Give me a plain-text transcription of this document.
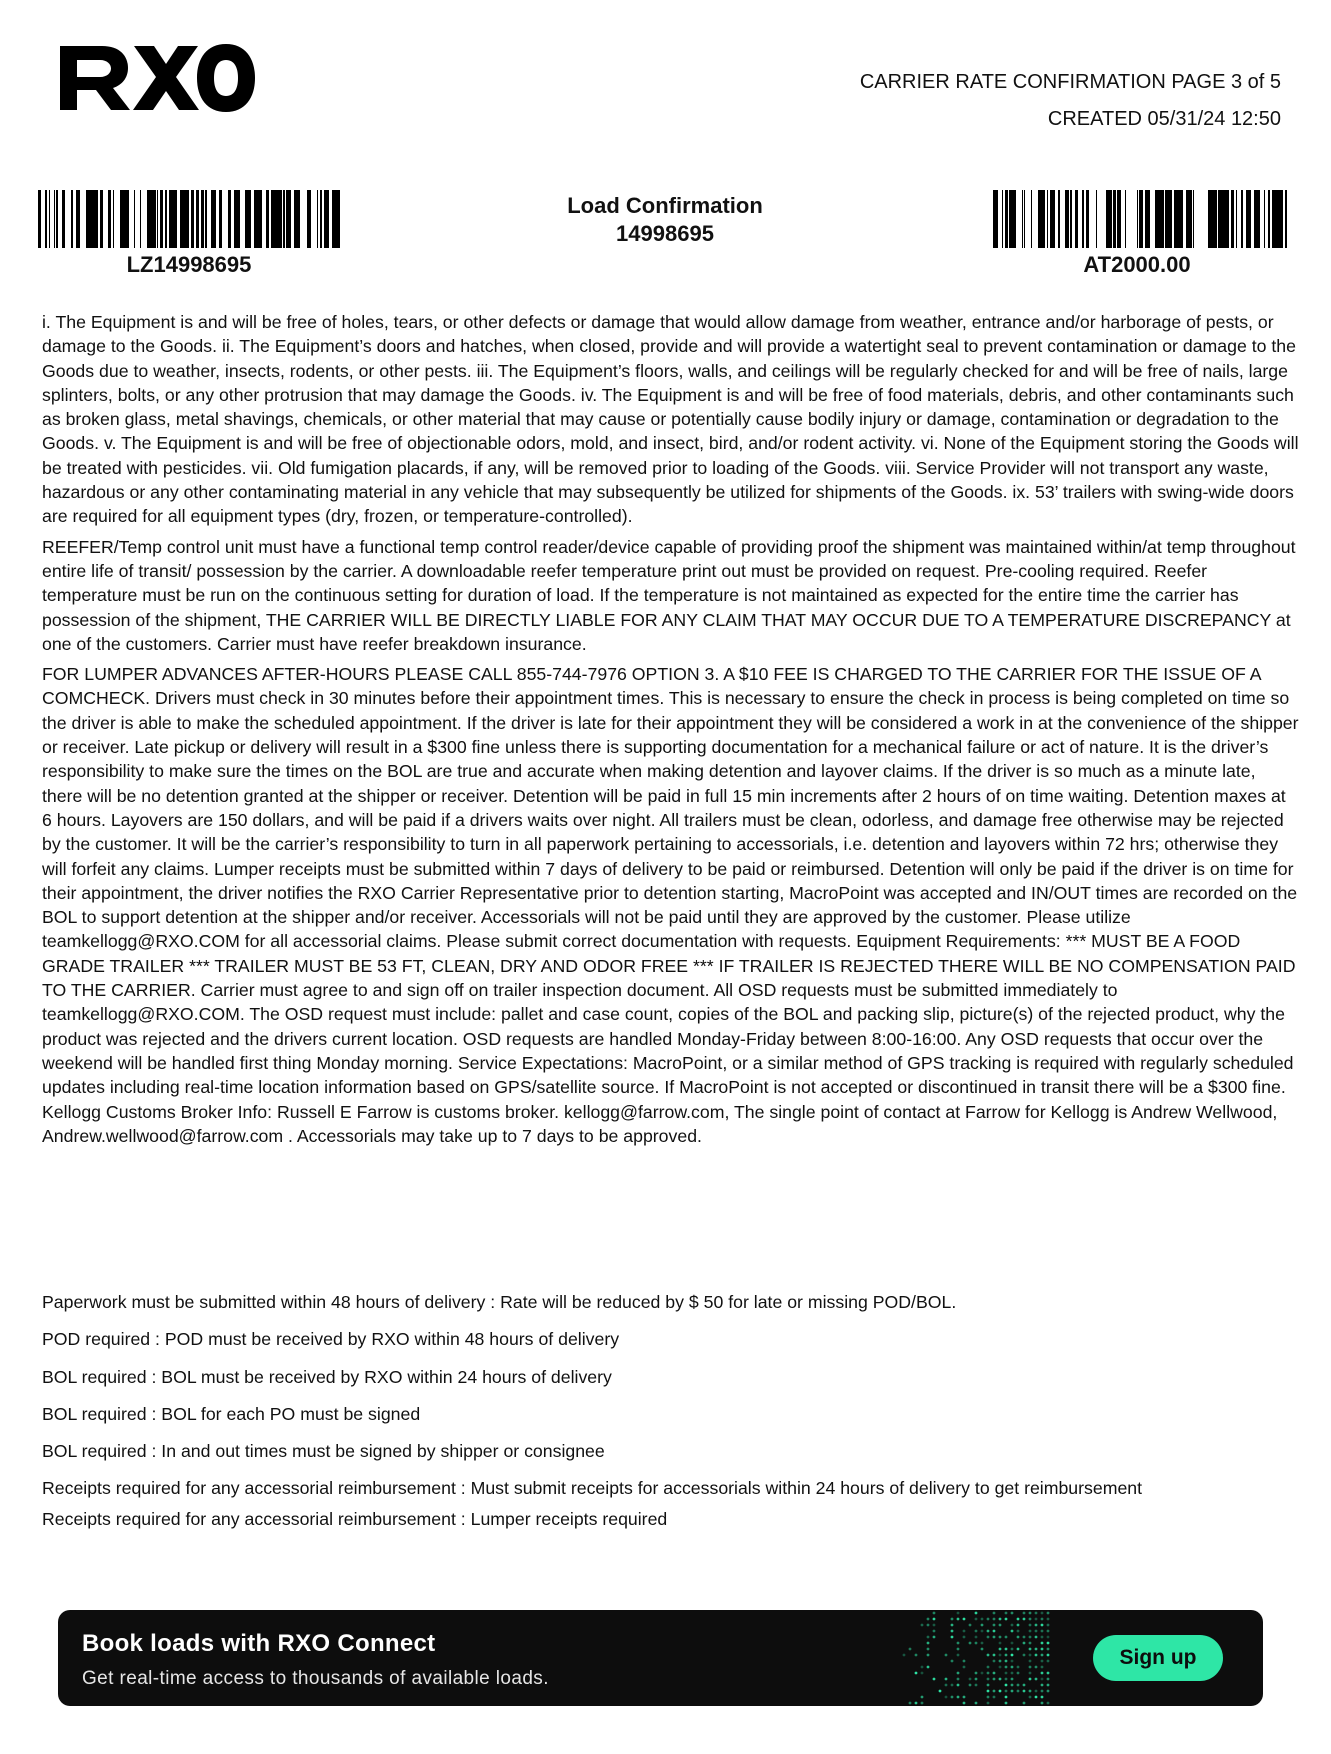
CARRIER RATE CONFIRMATION PAGE 3 of 5
CREATED 05/31/24 12:50
LZ14998695
Load Confirmation
14998695
AT2000.00

i. The Equipment is and will be free of holes, tears, or other defects or damage that would allow damage from weather, entrance and/or harborage of pests, or damage to the Goods. ii. The Equipment’s doors and hatches, when closed, provide and will provide a watertight seal to prevent contamination or damage to the Goods due to weather, insects, rodents, or other pests. iii. The Equipment’s floors, walls, and ceilings will be regularly checked for and will be free of nails, large splinters, bolts, or any other protrusion that may damage the Goods. iv. The Equipment is and will be free of food materials, debris, and other contaminants such as broken glass, metal shavings, chemicals, or other material that may cause or potentially cause bodily injury or damage, contamination or degradation to the Goods. v. The Equipment is and will be free of objectionable odors, mold, and insect, bird, and/or rodent activity. vi. None of the Equipment storing the Goods will be treated with pesticides. vii. Old fumigation placards, if any, will be removed prior to loading of the Goods. viii. Service Provider will not transport any waste, hazardous or any other contaminating material in any vehicle that may subsequently be utilized for shipments of the Goods. ix. 53’ trailers with swing-wide doors are required for all equipment types (dry, frozen, or temperature-controlled).

REEFER/Temp control unit must have a functional temp control reader/device capable of providing proof the shipment was maintained within/at temp throughout entire life of transit/ possession by the carrier. A downloadable reefer temperature print out must be provided on request. Pre-cooling required. Reefer temperature must be run on the continuous setting for duration of load. If the temperature is not maintained as expected for the entire time the carrier has possession of the shipment, THE CARRIER WILL BE DIRECTLY LIABLE FOR ANY CLAIM THAT MAY OCCUR DUE TO A TEMPERATURE DISCREPANCY at one of the customers. Carrier must have reefer breakdown insurance.

FOR LUMPER ADVANCES AFTER-HOURS PLEASE CALL 855-744-7976 OPTION 3. A $10 FEE IS CHARGED TO THE CARRIER FOR THE ISSUE OF A COMCHECK. Drivers must check in 30 minutes before their appointment times. This is necessary to ensure the check in process is being completed on time so the driver is able to make the scheduled appointment. If the driver is late for their appointment they will be considered a work in at the convenience of the shipper or receiver. Late pickup or delivery will result in a $300 fine unless there is supporting documentation for a mechanical failure or act of nature. It is the driver’s responsibility to make sure the times on the BOL are true and accurate when making detention and layover claims. If the driver is so much as a minute late, there will be no detention granted at the shipper or receiver. Detention will be paid in full 15 min increments after 2 hours of on time waiting. Detention maxes at 6 hours. Layovers are 150 dollars, and will be paid if a drivers waits over night. All trailers must be clean, odorless, and damage free otherwise may be rejected by the customer. It will be the carrier’s responsibility to turn in all paperwork pertaining to accessorials, i.e. detention and layovers within 72 hrs; otherwise they will forfeit any claims. Lumper receipts must be submitted within 7 days of delivery to be paid or reimbursed. Detention will only be paid if the driver is on time for their appointment, the driver notifies the RXO Carrier Representative prior to detention starting, MacroPoint was accepted and IN/OUT times are recorded on the BOL to support detention at the shipper and/or receiver. Accessorials will not be paid until they are approved by the customer. Please utilize teamkellogg@RXO.COM for all accessorial claims. Please submit correct documentation with requests. Equipment Requirements: *** MUST BE A FOOD GRADE TRAILER *** TRAILER MUST BE 53 FT, CLEAN, DRY AND ODOR FREE *** IF TRAILER IS REJECTED THERE WILL BE NO COMPENSATION PAID TO THE CARRIER. Carrier must agree to and sign off on trailer inspection document. All OSD requests must be submitted immediately to teamkellogg@RXO.COM. The OSD request must include: pallet and case count, copies of the BOL and packing slip, picture(s) of the rejected product, why the product was rejected and the drivers current location. OSD requests are handled Monday-Friday between 8:00-16:00. Any OSD requests that occur over the weekend will be handled first thing Monday morning. Service Expectations: MacroPoint, or a similar method of GPS tracking is required with regularly scheduled updates including real-time location information based on GPS/satellite source. If MacroPoint is not accepted or discontinued in transit there will be a $300 fine. Kellogg Customs Broker Info: Russell E Farrow is customs broker. kellogg@farrow.com, The single point of contact at Farrow for Kellogg is Andrew Wellwood, Andrew.wellwood@farrow.com . Accessorials may take up to 7 days to be approved.

Paperwork must be submitted within 48 hours of delivery : Rate will be reduced by $ 50 for late or missing POD/BOL.
POD required : POD must be received by RXO within 48 hours of delivery
BOL required : BOL must be received by RXO within 24 hours of delivery
BOL required : BOL for each PO must be signed
BOL required : In and out times must be signed by shipper or consignee
Receipts required for any accessorial reimbursement : Must submit receipts for accessorials within 24 hours of delivery to get reimbursement
Receipts required for any accessorial reimbursement : Lumper receipts required
Book loads with RXO Connect
Get real-time access to thousands of available loads.
Sign up
